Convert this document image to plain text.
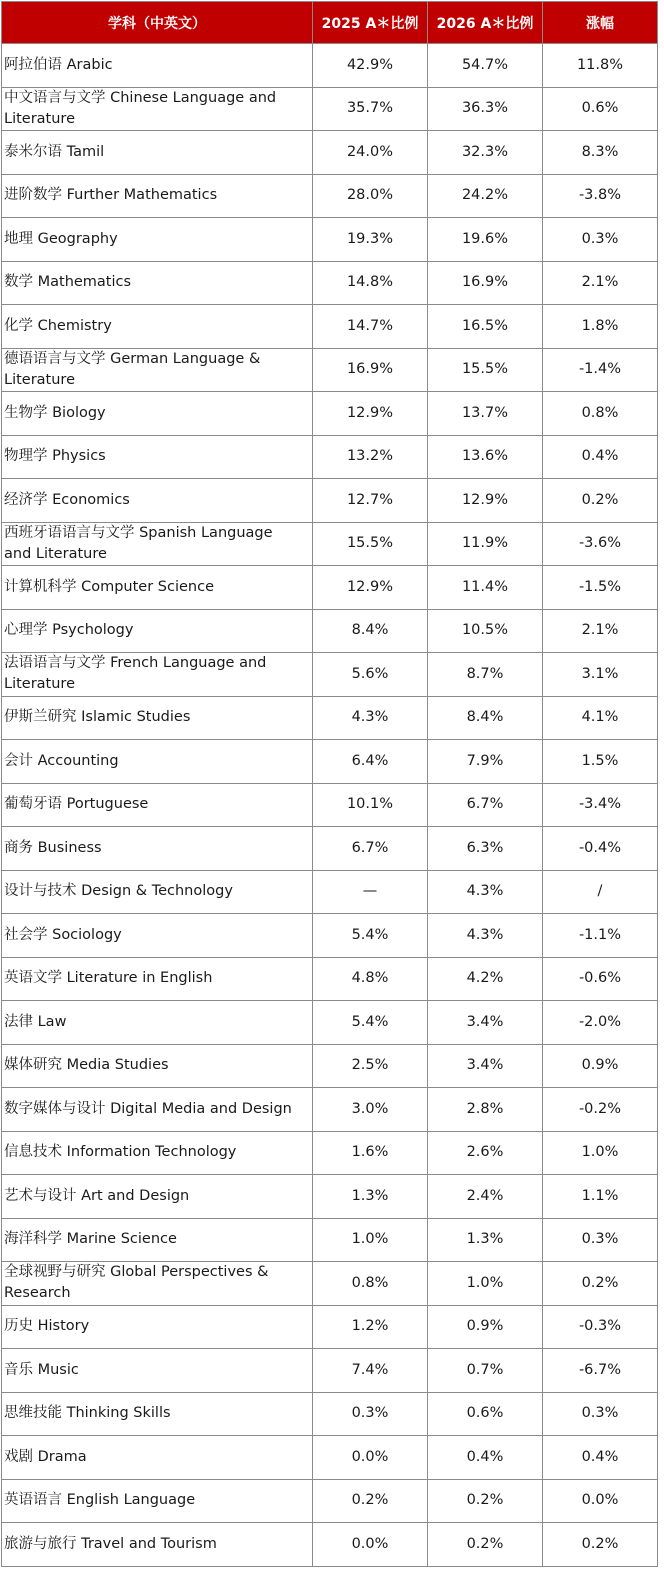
学科（中英文）	2025 A＊比例	2026 A＊比例	涨幅
阿拉伯语 Arabic	42.9%	54.7%	11.8%
中文语言与文学 Chinese Language and Literature	35.7%	36.3%	0.6%
泰米尔语 Tamil	24.0%	32.3%	8.3%
进阶数学 Further Mathematics	28.0%	24.2%	-3.8%
地理 Geography	19.3%	19.6%	0.3%
数学 Mathematics	14.8%	16.9%	2.1%
化学 Chemistry	14.7%	16.5%	1.8%
德语语言与文学 German Language & Literature	16.9%	15.5%	-1.4%
生物学 Biology	12.9%	13.7%	0.8%
物理学 Physics	13.2%	13.6%	0.4%
经济学 Economics	12.7%	12.9%	0.2%
西班牙语语言与文学 Spanish Language and Literature	15.5%	11.9%	-3.6%
计算机科学 Computer Science	12.9%	11.4%	-1.5%
心理学 Psychology	8.4%	10.5%	2.1%
法语语言与文学 French Language and Literature	5.6%	8.7%	3.1%
伊斯兰研究 Islamic Studies	4.3%	8.4%	4.1%
会计 Accounting	6.4%	7.9%	1.5%
葡萄牙语 Portuguese	10.1%	6.7%	-3.4%
商务 Business	6.7%	6.3%	-0.4%
设计与技术 Design & Technology	—	4.3%	/
社会学 Sociology	5.4%	4.3%	-1.1%
英语文学 Literature in English	4.8%	4.2%	-0.6%
法律 Law	5.4%	3.4%	-2.0%
媒体研究 Media Studies	2.5%	3.4%	0.9%
数字媒体与设计 Digital Media and Design	3.0%	2.8%	-0.2%
信息技术 Information Technology	1.6%	2.6%	1.0%
艺术与设计 Art and Design	1.3%	2.4%	1.1%
海洋科学 Marine Science	1.0%	1.3%	0.3%
全球视野与研究 Global Perspectives & Research	0.8%	1.0%	0.2%
历史 History	1.2%	0.9%	-0.3%
音乐 Music	7.4%	0.7%	-6.7%
思维技能 Thinking Skills	0.3%	0.6%	0.3%
戏剧 Drama	0.0%	0.4%	0.4%
英语语言 English Language	0.2%	0.2%	0.0%
旅游与旅行 Travel and Tourism	0.0%	0.2%	0.2%
